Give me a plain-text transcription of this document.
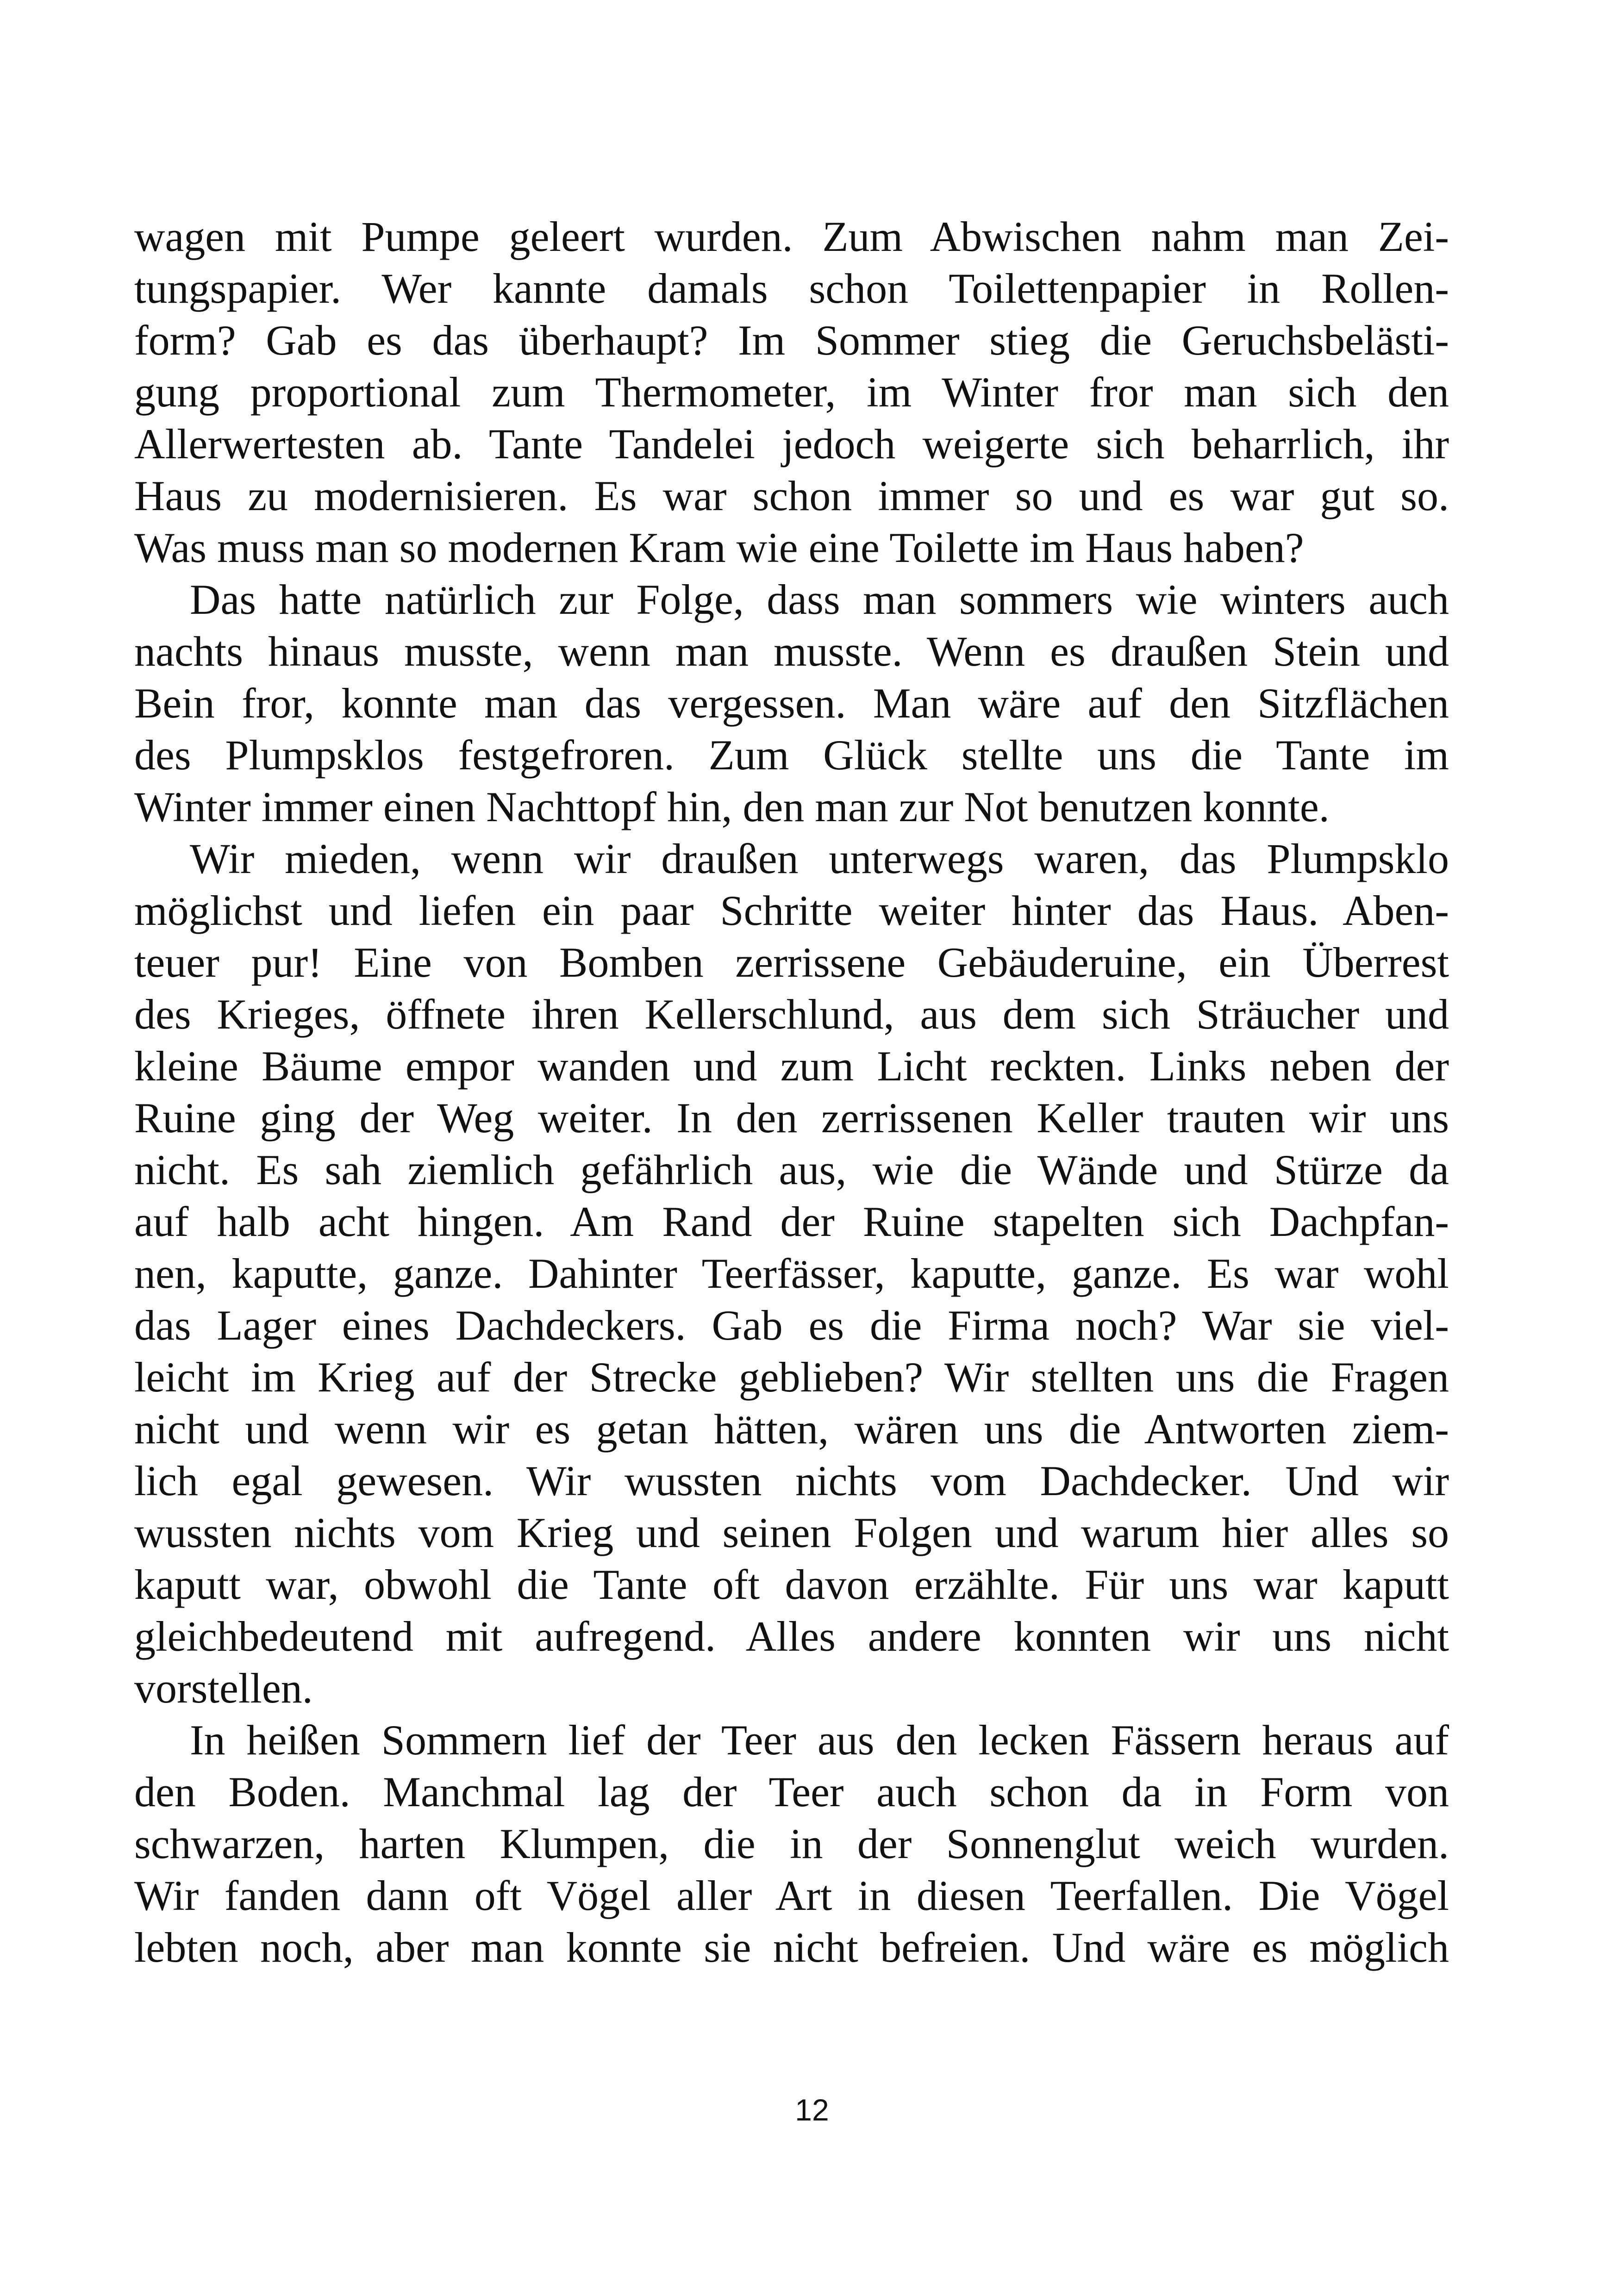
wagen mit Pumpe geleert wurden. Zum Abwischen nahm man Zei-
tungspapier. Wer kannte damals schon Toilettenpapier in Rollen-
form? Gab es das überhaupt? Im Sommer stieg die Geruchsbelästi-
gung proportional zum Thermometer, im Winter fror man sich den
Allerwertesten ab. Tante Tandelei jedoch weigerte sich beharrlich, ihr
Haus zu modernisieren. Es war schon immer so und es war gut so.
Was muss man so modernen Kram wie eine Toilette im Haus haben?
Das hatte natürlich zur Folge, dass man sommers wie winters auch
nachts hinaus musste, wenn man musste. Wenn es draußen Stein und
Bein fror, konnte man das vergessen. Man wäre auf den Sitzflächen
des Plumpsklos festgefroren. Zum Glück stellte uns die Tante im
Winter immer einen Nachttopf hin, den man zur Not benutzen konnte.
Wir mieden, wenn wir draußen unterwegs waren, das Plumpsklo
möglichst und liefen ein paar Schritte weiter hinter das Haus. Aben-
teuer pur! Eine von Bomben zerrissene Gebäuderuine, ein Überrest
des Krieges, öffnete ihren Kellerschlund, aus dem sich Sträucher und
kleine Bäume empor wanden und zum Licht reckten. Links neben der
Ruine ging der Weg weiter. In den zerrissenen Keller trauten wir uns
nicht. Es sah ziemlich gefährlich aus, wie die Wände und Stürze da
auf halb acht hingen. Am Rand der Ruine stapelten sich Dachpfan-
nen, kaputte, ganze. Dahinter Teerfässer, kaputte, ganze. Es war wohl
das Lager eines Dachdeckers. Gab es die Firma noch? War sie viel-
leicht im Krieg auf der Strecke geblieben? Wir stellten uns die Fragen
nicht und wenn wir es getan hätten, wären uns die Antworten ziem-
lich egal gewesen. Wir wussten nichts vom Dachdecker. Und wir
wussten nichts vom Krieg und seinen Folgen und warum hier alles so
kaputt war, obwohl die Tante oft davon erzählte. Für uns war kaputt
gleichbedeutend mit aufregend. Alles andere konnten wir uns nicht
vorstellen.
In heißen Sommern lief der Teer aus den lecken Fässern heraus auf
den Boden. Manchmal lag der Teer auch schon da in Form von
schwarzen, harten Klumpen, die in der Sonnenglut weich wurden.
Wir fanden dann oft Vögel aller Art in diesen Teerfallen. Die Vögel
lebten noch, aber man konnte sie nicht befreien. Und wäre es möglich
12
